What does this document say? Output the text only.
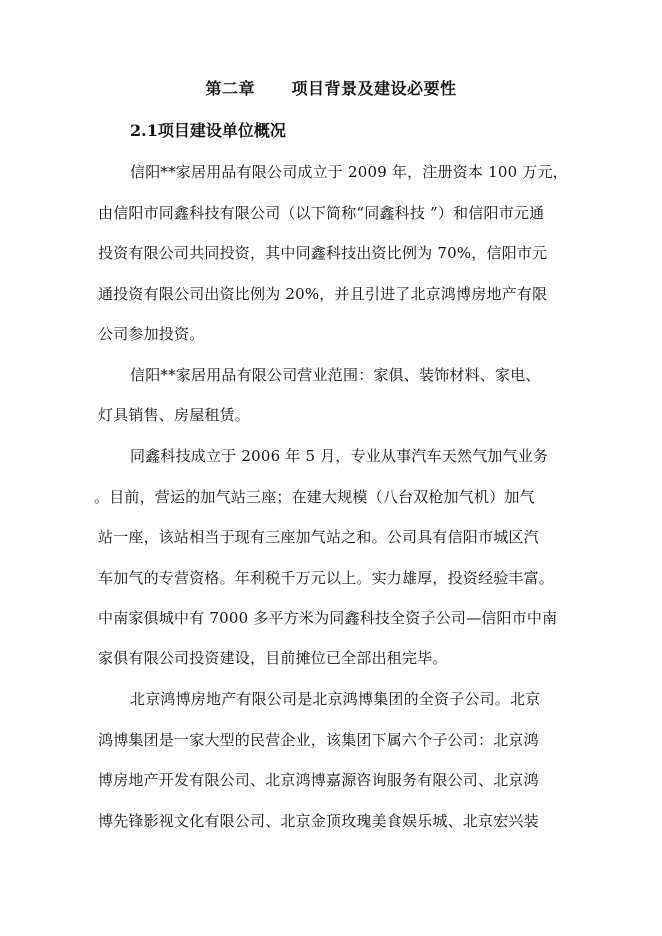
第二章      项目背景及建设必要性
2.1项目建设单位概况
信阳**家居用品有限公司成立于 2009 年，注册资本 100 万元，
由信阳市同鑫科技有限公司（以下简称“同鑫科技 ”）和信阳市元通
投资有限公司共同投资，其中同鑫科技出资比例为 70%，信阳市元
通投资有限公司出资比例为 20%，并且引进了北京鸿博房地产有限
公司参加投资。
信阳**家居用品有限公司营业范围：家俱、装饰材料、家电、
灯具销售、房屋租赁。
同鑫科技成立于 2006 年 5 月，专业从事汽车天然气加气业务
。目前，营运的加气站三座；在建大规模（八台双枪加气机）加气
站一座，该站相当于现有三座加气站之和。公司具有信阳市城区汽
车加气的专营资格。年利税千万元以上。实力雄厚，投资经验丰富。
中南家俱城中有 7000 多平方米为同鑫科技全资子公司—信阳市中南
家俱有限公司投资建设，目前摊位已全部出租完毕。
北京鸿博房地产有限公司是北京鸿博集团的全资子公司。北京
鸿博集团是一家大型的民营企业，该集团下属六个子公司：北京鸿
博房地产开发有限公司、北京鸿博嘉源咨询服务有限公司、北京鸿
博先锋影视文化有限公司、北京金顶玫瑰美食娱乐城、北京宏兴装
